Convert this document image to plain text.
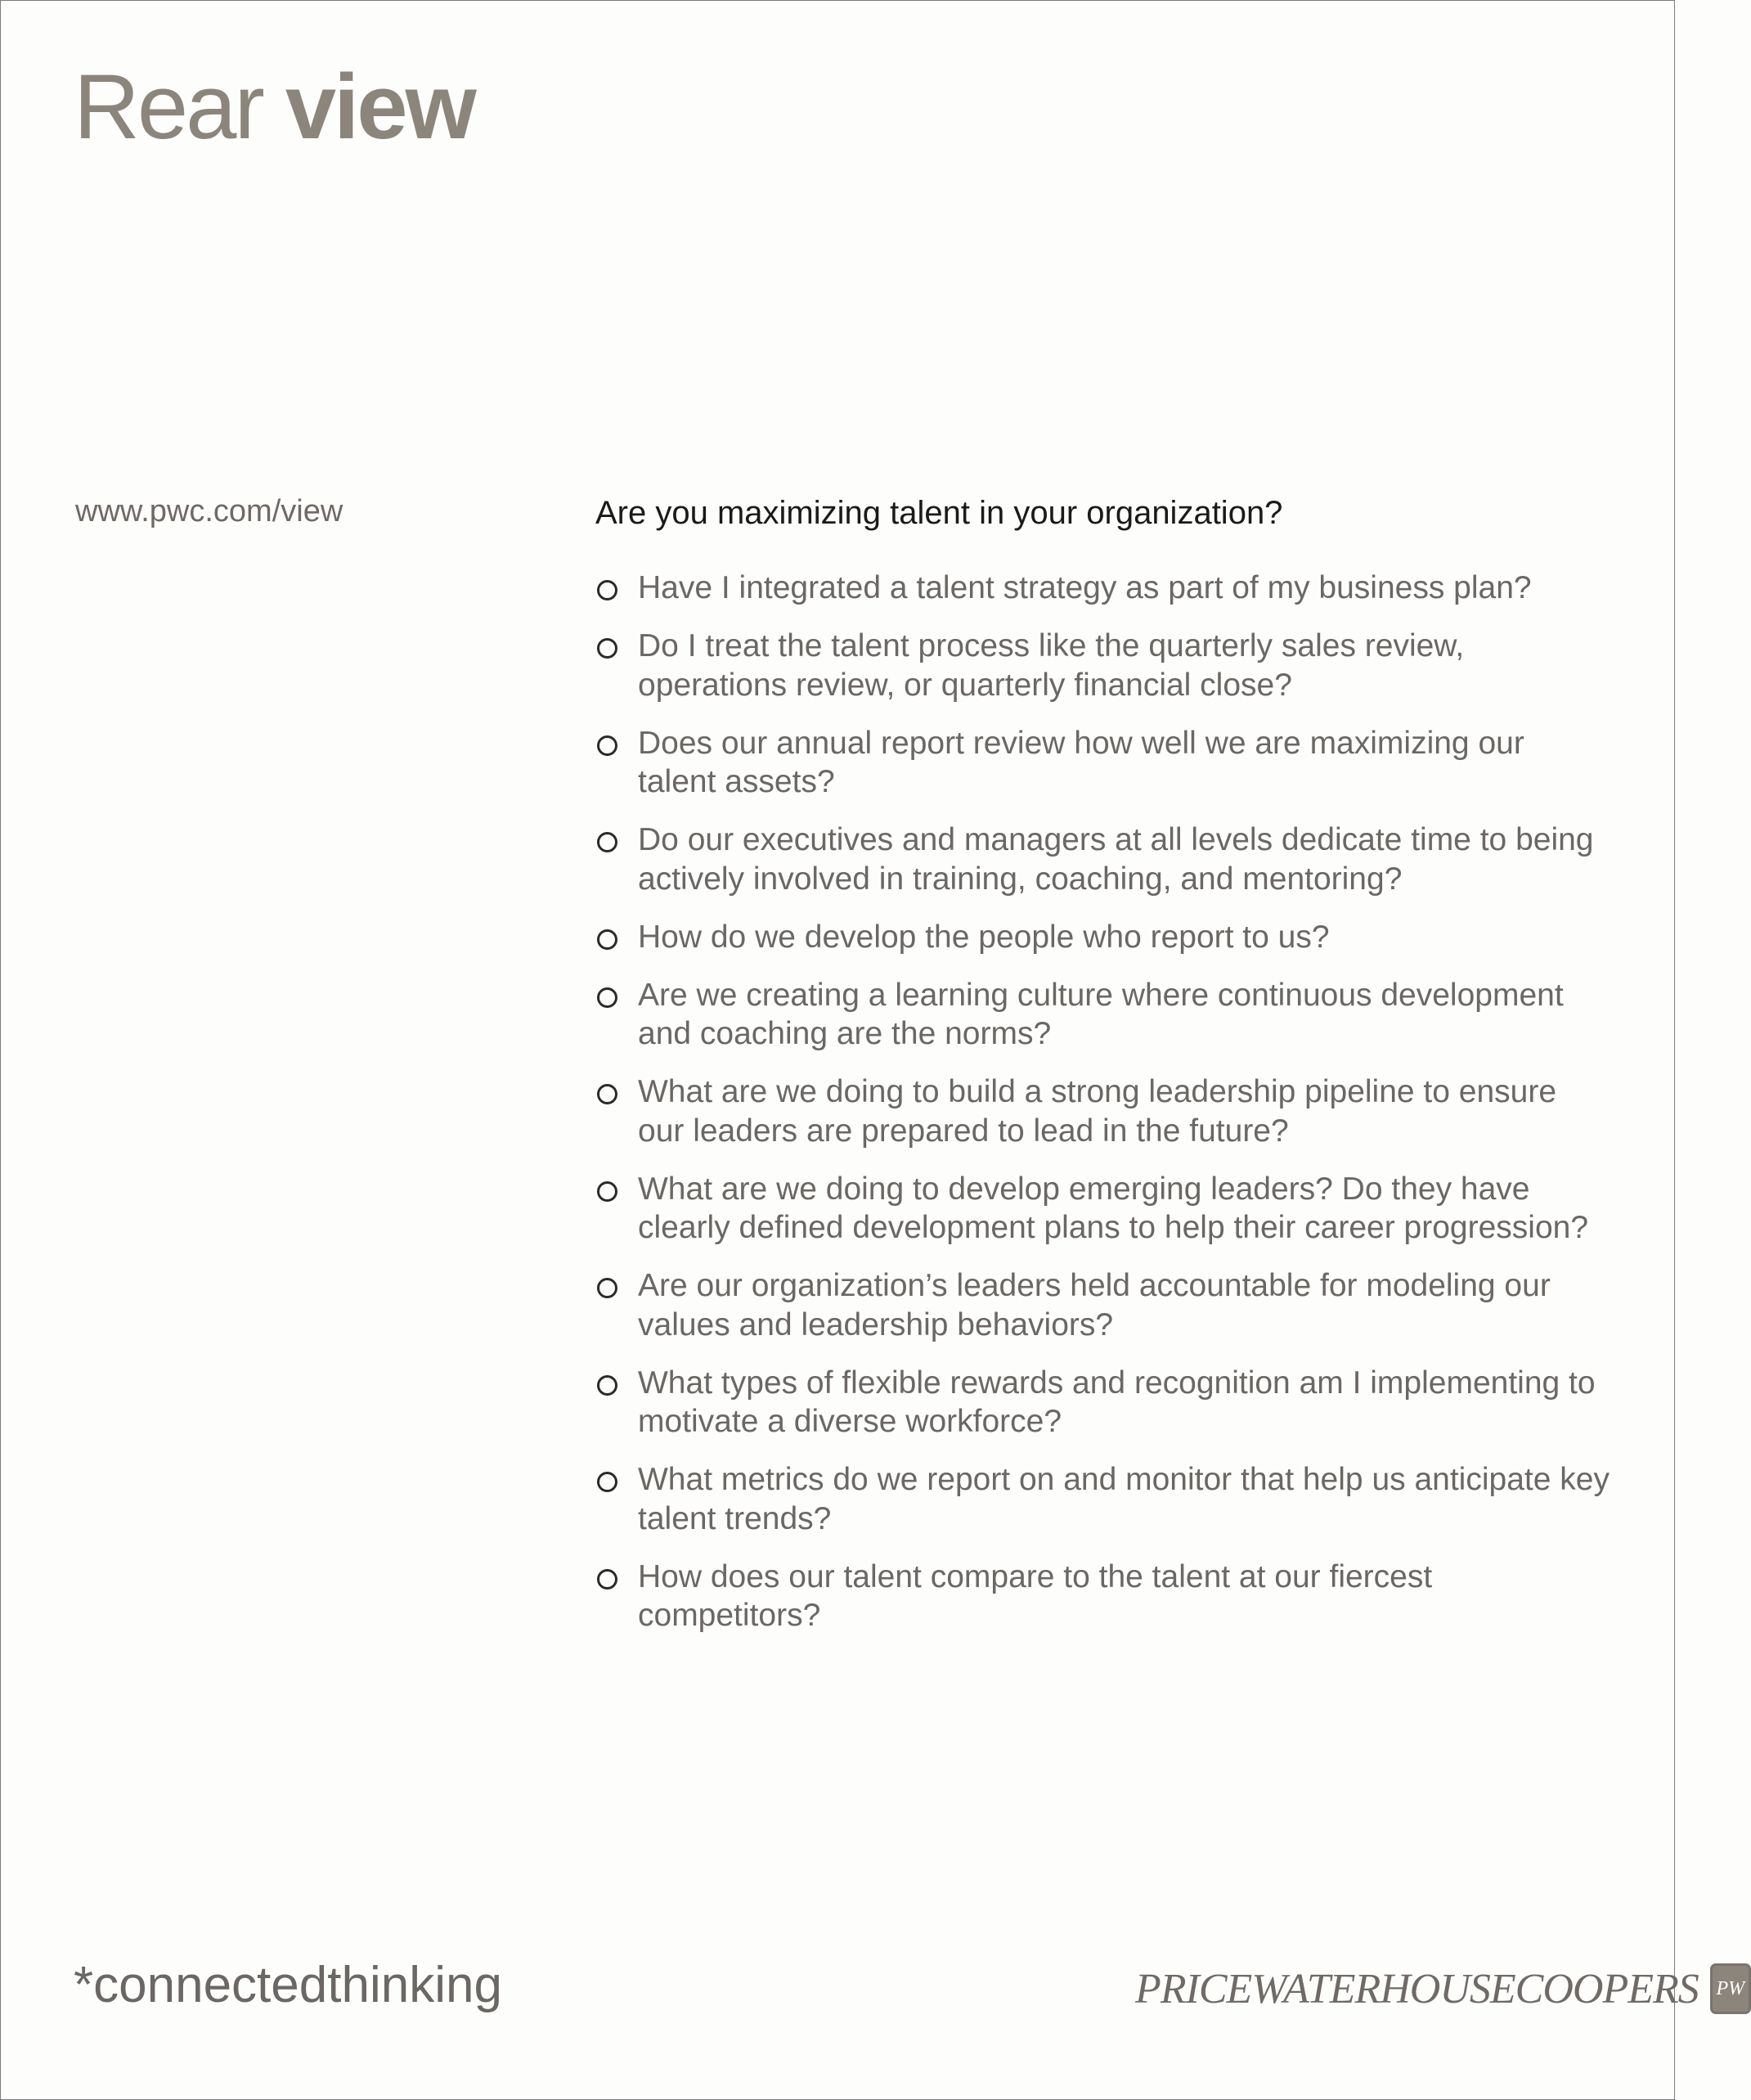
Rear view
www.pwc.com/view	Are you maximizing talent in your organization?
Have I integrated a talent strategy as part of my business plan?
Do I treat the talent process like the quarterly sales review, operations review, or quarterly financial close?
Does our annual report review how well we are maximizing our talent assets?
Do our executives and managers at all levels dedicate time to being actively involved in training, coaching, and mentoring?
How do we develop the people who report to us?
Are we creating a learning culture where continuous development and coaching are the norms?
What are we doing to build a strong leadership pipeline to ensure our leaders are prepared to lead in the future?
What are we doing to develop emerging leaders? Do they have clearly defined development plans to help their career progression?
Are our organization’s leaders held accountable for modeling our values and leadership behaviors?
What types of flexible rewards and recognition am I implementing to motivate a diverse workforce?
What metrics do we report on and monitor that help us anticipate key talent trends?
How does our talent compare to the talent at our fiercest competitors?
*connectedthinking	PRICEWATERHOUSECOOPERS PW
